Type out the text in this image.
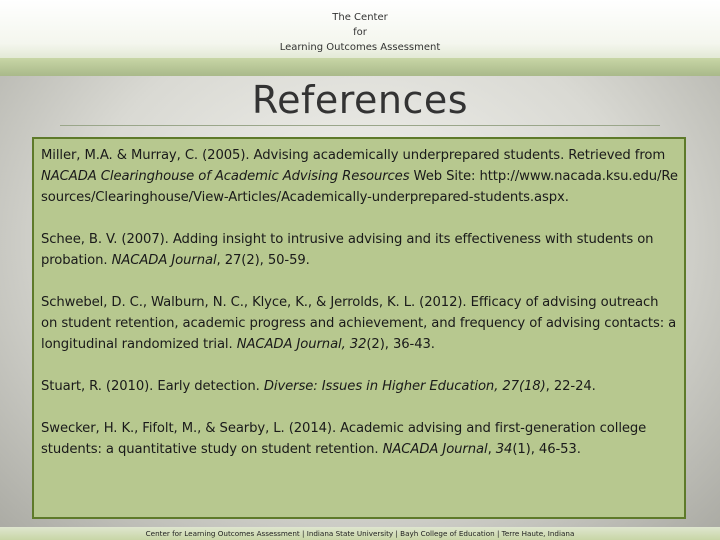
The Center
for
Learning Outcomes Assessment
References

Miller, M.A. & Murray, C. (2005). Advising academically underprepared students. Retrieved from NACADA Clearinghouse of Academic Advising Resources Web Site: http://www.nacada.ksu.edu/Resources/Clearinghouse/View-Articles/Academically-underprepared-students.aspx.

Schee, B. V. (2007). Adding insight to intrusive advising and its effectiveness with students on probation. NACADA Journal, 27(2), 50-59.

Schwebel, D. C., Walburn, N. C., Klyce, K., & Jerrolds, K. L. (2012). Efficacy of advising outreach on student retention, academic progress and achievement, and frequency of advising contacts: a longitudinal randomized trial. NACADA Journal, 32(2), 36-43.

Stuart, R. (2010). Early detection. Diverse: Issues in Higher Education, 27(18), 22-24.

Swecker, H. K., Fifolt, M., & Searby, L. (2014). Academic advising and first-generation college students: a quantitative study on student retention. NACADA Journal, 34(1), 46-53.

Center for Learning Outcomes Assessment | Indiana State University | Bayh College of Education | Terre Haute, Indiana
